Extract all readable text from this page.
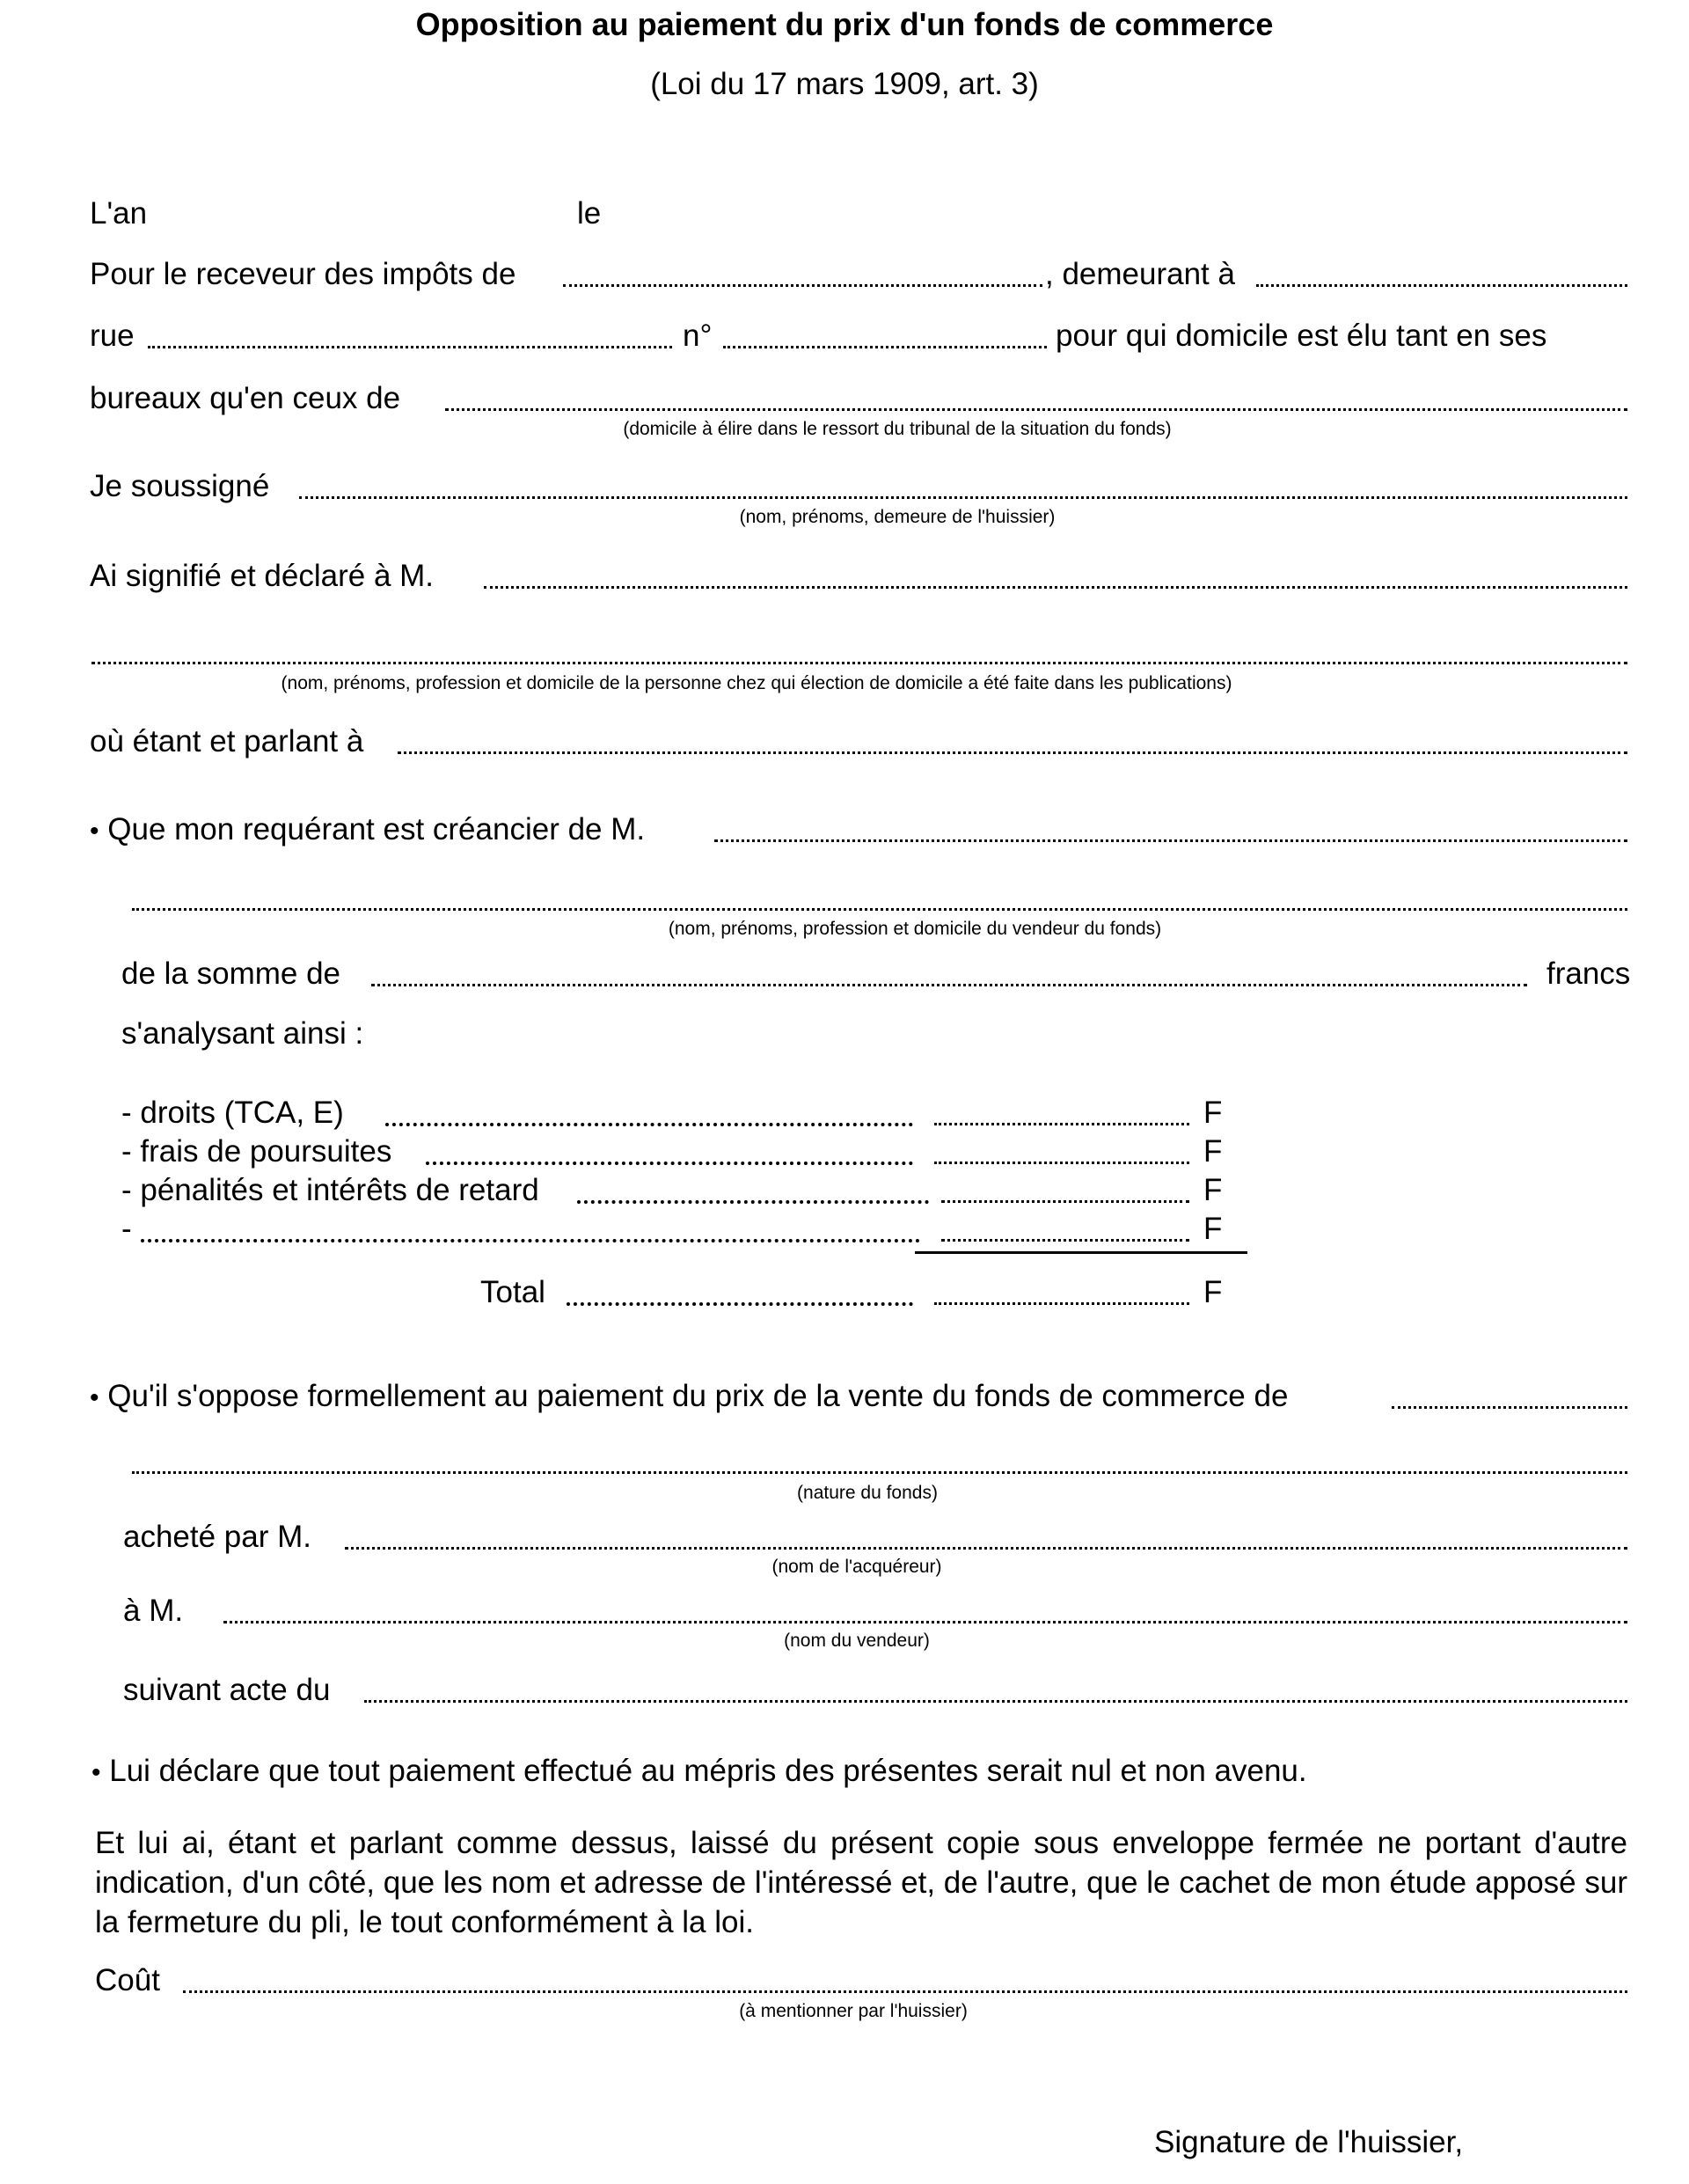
Opposition au paiement du prix d'un fonds de commerce
(Loi du 17 mars 1909, art. 3)
L'an	le
Pour le receveur des impôts de	, demeurant à
rue	n°	pour qui domicile est élu tant en ses
bureaux qu'en ceux de
(domicile à élire dans le ressort du tribunal de la situation du fonds)
Je soussigné
(nom, prénoms, demeure de l'huissier)
Ai signifié et déclaré à M.
(nom, prénoms, profession et domicile de la personne chez qui élection de domicile a été faite dans les publications)
où étant et parlant à
• Que mon requérant est créancier de M.
(nom, prénoms, profession et domicile du vendeur du fonds)
de la somme de	francs
s'analysant ainsi :
- droits (TCA, E)	F
- frais de poursuites	F
- pénalités et intérêts de retard	F
-	F
Total	F
• Qu'il s'oppose formellement au paiement du prix de la vente du fonds de commerce de
(nature du fonds)
acheté par M.
(nom de l'acquéreur)
à M.
(nom du vendeur)
suivant acte du
• Lui déclare que tout paiement effectué au mépris des présentes serait nul et non avenu.
Et lui ai, étant et parlant comme dessus, laissé du présent copie sous enveloppe fermée ne portant d'autre indication, d'un côté, que les nom et adresse de l'intéressé et, de l'autre, que le cachet de mon étude apposé sur la fermeture du pli, le tout conformément à la loi.
Coût
(à mentionner par l'huissier)
Signature de l'huissier,
